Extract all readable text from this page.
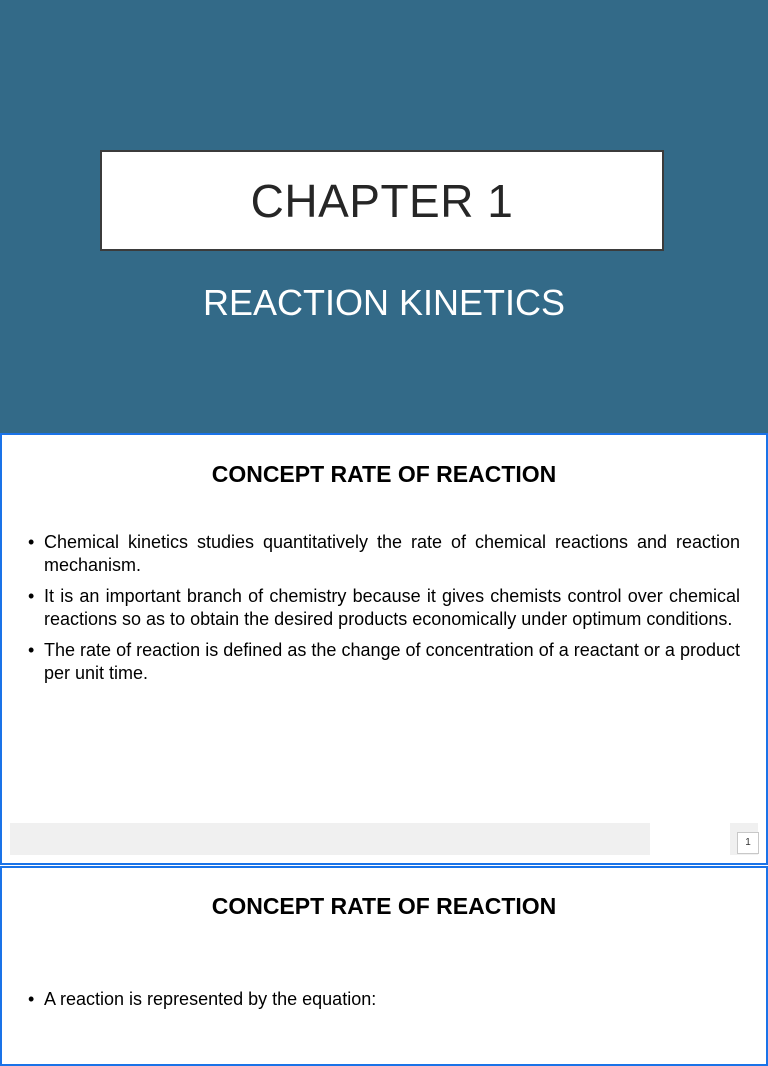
CHAPTER 1
REACTION KINETICS
CONCEPT RATE OF REACTION
• Chemical kinetics studies quantitatively the rate of chemical reactions and reaction mechanism.
• It is an important branch of chemistry because it gives chemists control over chemical reactions so as to obtain the desired products economically under optimum conditions.
• The rate of reaction is defined as the change of concentration of a reactant or a product per unit time.
1
CONCEPT RATE OF REACTION
• A reaction is represented by the equation:
